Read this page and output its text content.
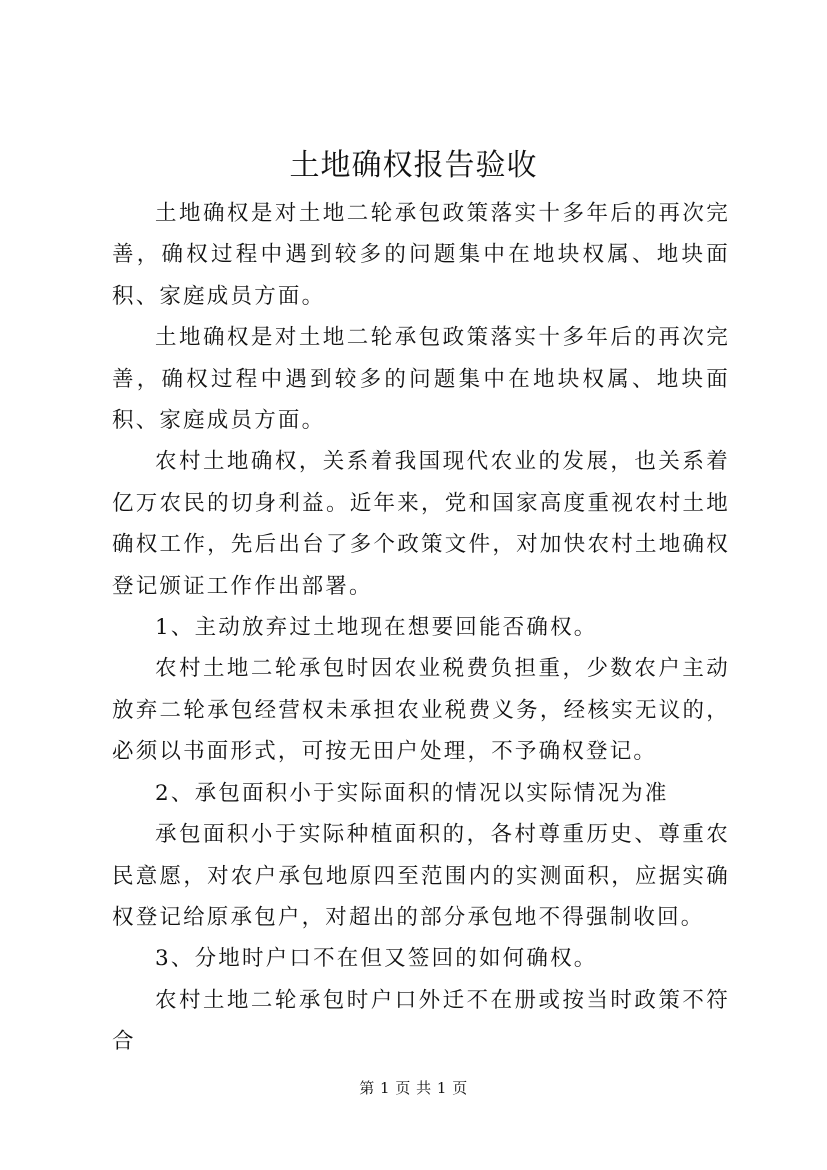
土地确权报告验收

土地确权是对土地二轮承包政策落实十多年后的再次完善，确权过程中遇到较多的问题集中在地块权属、地块面积、家庭成员方面。

土地确权是对土地二轮承包政策落实十多年后的再次完善，确权过程中遇到较多的问题集中在地块权属、地块面积、家庭成员方面。

农村土地确权，关系着我国现代农业的发展，也关系着亿万农民的切身利益。近年来，党和国家高度重视农村土地确权工作，先后出台了多个政策文件，对加快农村土地确权登记颁证工作作出部署。

1、主动放弃过土地现在想要回能否确权。

农村土地二轮承包时因农业税费负担重，少数农户主动放弃二轮承包经营权未承担农业税费义务，经核实无议的，必须以书面形式，可按无田户处理，不予确权登记。

2、承包面积小于实际面积的情况以实际情况为准

承包面积小于实际种植面积的，各村尊重历史、尊重农民意愿，对农户承包地原四至范围内的实测面积，应据实确权登记给原承包户，对超出的部分承包地不得强制收回。

3、分地时户口不在但又签回的如何确权。

农村土地二轮承包时户口外迁不在册或按当时政策不符合

第 1 页 共 1 页
